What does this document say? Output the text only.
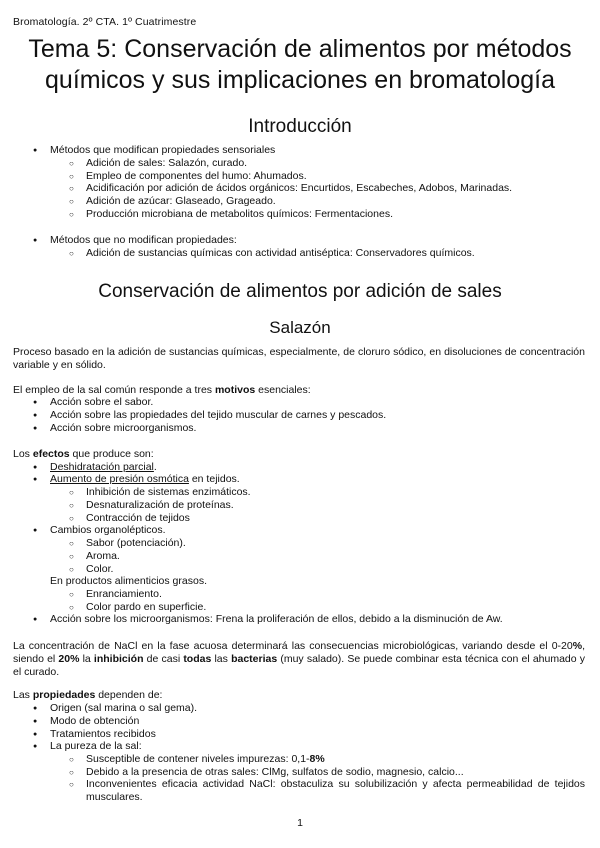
Bromatología. 2º CTA. 1º Cuatrimestre
Tema 5: Conservación de alimentos por métodos
químicos y sus implicaciones en bromatología
Introducción
● Métodos que modifican propiedades sensoriales
○ Adición de sales: Salazón, curado.
○ Empleo de componentes del humo: Ahumados.
○ Acidificación por adición de ácidos orgánicos: Encurtidos, Escabeches, Adobos, Marinadas.
○ Adición de azúcar: Glaseado, Grageado.
○ Producción microbiana de metabolitos químicos: Fermentaciones.
● Métodos que no modifican propiedades:
○ Adición de sustancias químicas con actividad antiséptica: Conservadores químicos.
Conservación de alimentos por adición de sales
Salazón
Proceso basado en la adición de sustancias químicas, especialmente, de cloruro sódico, en disoluciones de concentración variable y en sólido.
El empleo de la sal común responde a tres motivos esenciales:
● Acción sobre el sabor.
● Acción sobre las propiedades del tejido muscular de carnes y pescados.
● Acción sobre microorganismos.
Los efectos que produce son:
● Deshidratación parcial.
● Aumento de presión osmótica en tejidos.
○ Inhibición de sistemas enzimáticos.
○ Desnaturalización de proteínas.
○ Contracción de tejidos
● Cambios organolépticos.
○ Sabor (potenciación).
○ Aroma.
○ Color.
En productos alimenticios grasos.
○ Enranciamiento.
○ Color pardo en superficie.
● Acción sobre los microorganismos: Frena la proliferación de ellos, debido a la disminución de Aw.
La concentración de NaCl en la fase acuosa determinará las consecuencias microbiológicas, variando desde el 0-20%, siendo el 20% la inhibición de casi todas las bacterias (muy salado). Se puede combinar esta técnica con el ahumado y el curado.
Las propiedades dependen de:
● Origen (sal marina o sal gema).
● Modo de obtención
● Tratamientos recibidos
● La pureza de la sal:
○ Susceptible de contener niveles impurezas: 0,1-8%
○ Debido a la presencia de otras sales: ClMg, sulfatos de sodio, magnesio, calcio...
○ Inconvenientes eficacia actividad NaCl: obstaculiza su solubilización y afecta permeabilidad de tejidos musculares.
1
